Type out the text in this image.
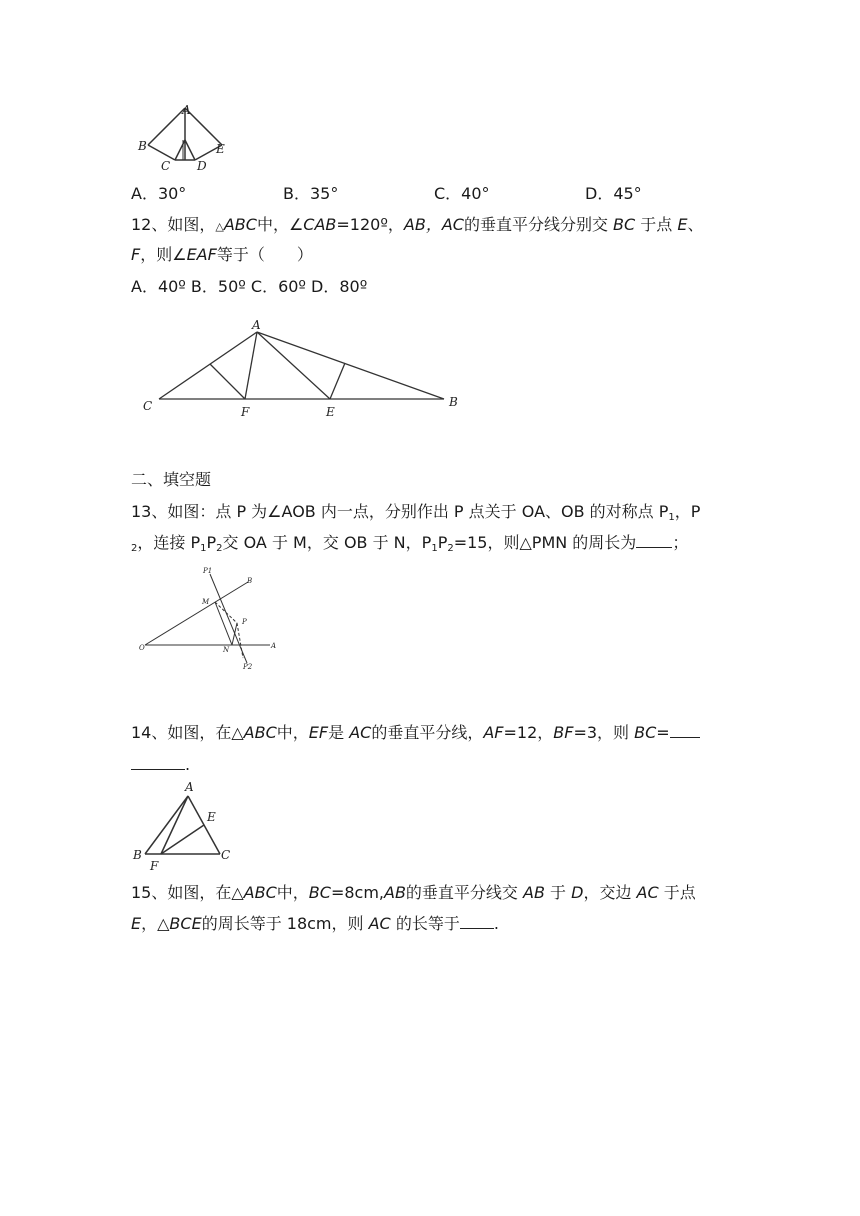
A
B	E
C D
A．30°	B．35°	C．40°	D．45°
12、如图，△ABC中，∠CAB=120º，AB，AC的垂直平分线分别交 BC 于点 E、
F，则∠EAF等于（　　）
A．40º B．50º C．60º D．80º
A
C	F	E
B
二、填空题
13、如图：点 P 为∠AOB 内一点，分别作出 P 点关于 OA、OB 的对称点 $P_1$，P
$_2$，连接 $P_1P_2$交 OA 于 M，交 OB 于 N，$P_1P_2=15$，则△PMN 的周长为 ；
P1
B
M
P
O	N	A
P2
14、如图，在△ABC中，EF是 AC的垂直平分线，AF=12，BF=3，则 BC=
.
A
E
B
F
C
15、如图，在△ABC中，BC=8cm,AB的垂直平分线交 AB 于 D，交边 AC 于点
E，△BCE的周长等于 18cm，则 AC 的长等于 .
